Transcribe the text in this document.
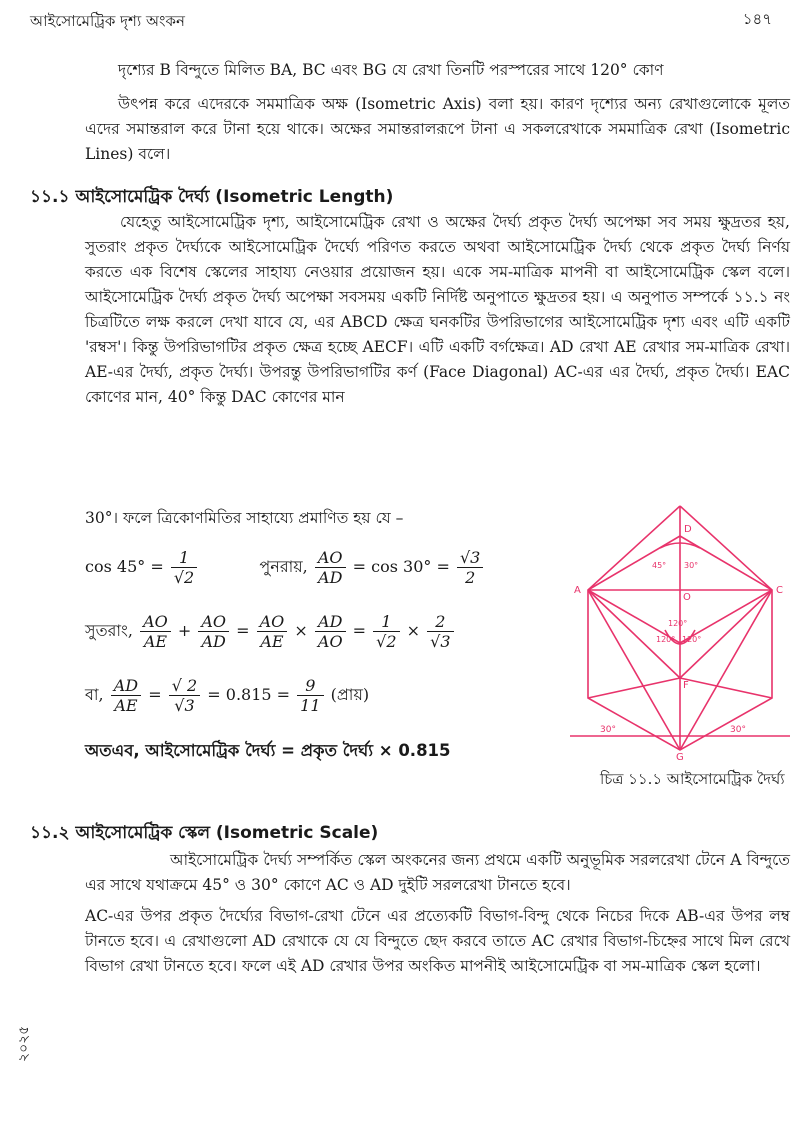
আইসোমেট্রিক দৃশ্য অংকন	১৪৭

দৃশ্যের B বিন্দুতে মিলিত BA, BC এবং BG যে রেখা তিনটি পরস্পরের সাথে 120° কোণ

উৎপন্ন করে এদেরকে সমমাত্রিক অক্ষ (Isometric Axis) বলা হয়। কারণ দৃশ্যের অন্য রেখাগুলোকে মূলত এদের সমান্তরাল করে টানা হয়ে থাকে। অক্ষের সমান্তরালরূপে টানা এ সকলরেখাকে সমমাত্রিক রেখা (Isometric Lines) বলে।

১১.১ আইসোমেট্রিক দৈর্ঘ্য (Isometric Length)

যেহেতু আইসোমেট্রিক দৃশ্য, আইসোমেট্রিক রেখা ও অক্ষের দৈর্ঘ্য প্রকৃত দৈর্ঘ্য অপেক্ষা সব সময় ক্ষুদ্রতর হয়, সুতরাং প্রকৃত দৈর্ঘ্যকে আইসোমেট্রিক দৈর্ঘ্যে পরিণত করতে অথবা আইসোমেট্রিক দৈর্ঘ্য থেকে প্রকৃত দৈর্ঘ্য নির্ণয় করতে এক বিশেষ স্কেলের সাহায্য নেওয়ার প্রয়োজন হয়। একে সম-মাত্রিক মাপনী বা আইসোমেট্রিক স্কেল বলে। আইসোমেট্রিক দৈর্ঘ্য প্রকৃত দৈর্ঘ্য অপেক্ষা সবসময় একটি নির্দিষ্ট অনুপাতে ক্ষুদ্রতর হয়। এ অনুপাত সম্পর্কে ১১.১ নং চিত্রটিতে লক্ষ করলে দেখা যাবে যে, এর ABCD ক্ষেত্র ঘনকটির উপরিভাগের আইসোমেট্রিক দৃশ্য এবং এটি একটি 'রম্বস'। কিন্তু উপরিভাগটির প্রকৃত ক্ষেত্র হচ্ছে AECF। এটি একটি বর্গক্ষেত্র। AD রেখা AE রেখার সম-মাত্রিক রেখা। AE-এর দৈর্ঘ্য, প্রকৃত দৈর্ঘ্য। উপরন্তু উপরিভাগটির কর্ণ (Face Diagonal) AC-এর এর দৈর্ঘ্য, প্রকৃত দৈর্ঘ্য। EAC কোণের মান, 40° কিন্তু DAC কোণের মান

30°। ফলে ত্রিকোণমিতির সাহায্যে প্রমাণিত হয় যে –

$\cos 45^\circ = \frac{1}{√2}$	পুনরায়, $\frac{AO}{AD} = \cos 30^\circ = \frac{√3}{2}$
সুতরাং, $\frac{AO}{AE} + \frac{AO}{AD} = \frac{AO}{AE} \times \frac{AD}{AO} = \frac{1}{√2} \times \frac{2}{√3}$
বা, $\frac{AD}{AE} = \frac{√ 2}{√3} = 0.815 = \frac{9}{11}$ (প্রায়)
অতএব, আইসোমেট্রিক দৈর্ঘ্য = প্রকৃত দৈর্ঘ্য × 0.815
A	C
D
O
F
G
45° 30°
120°
120° 120°
30°	30°
চিত্র ১১.১ আইসোমেট্রিক দৈর্ঘ্য
১১.২ আইসোমেট্রিক স্কেল (Isometric Scale)

আইসোমেট্রিক দৈর্ঘ্য সম্পর্কিত স্কেল অংকনের জন্য প্রথমে একটি অনুভূমিক সরলরেখা টেনে A বিন্দুতে এর সাথে যথাক্রমে 45° ও 30° কোণে AC ও AD দুইটি সরলরেখা টানতে হবে।

AC-এর উপর প্রকৃত দৈর্ঘ্যের বিভাগ-রেখা টেনে এর প্রত্যেকটি বিভাগ-বিন্দু থেকে নিচের দিকে AB-এর উপর লম্ব টানতে হবে। এ রেখাগুলো AD রেখাকে যে যে বিন্দুতে ছেদ করবে তাতে AC রেখার বিভাগ-চিহ্নের সাথে মিল রেখে বিভাগ রেখা টানতে হবে। ফলে এই AD রেখার উপর অংকিত মাপনীই আইসোমেট্রিক বা সম-মাত্রিক স্কেল হলো।

২০২৫
